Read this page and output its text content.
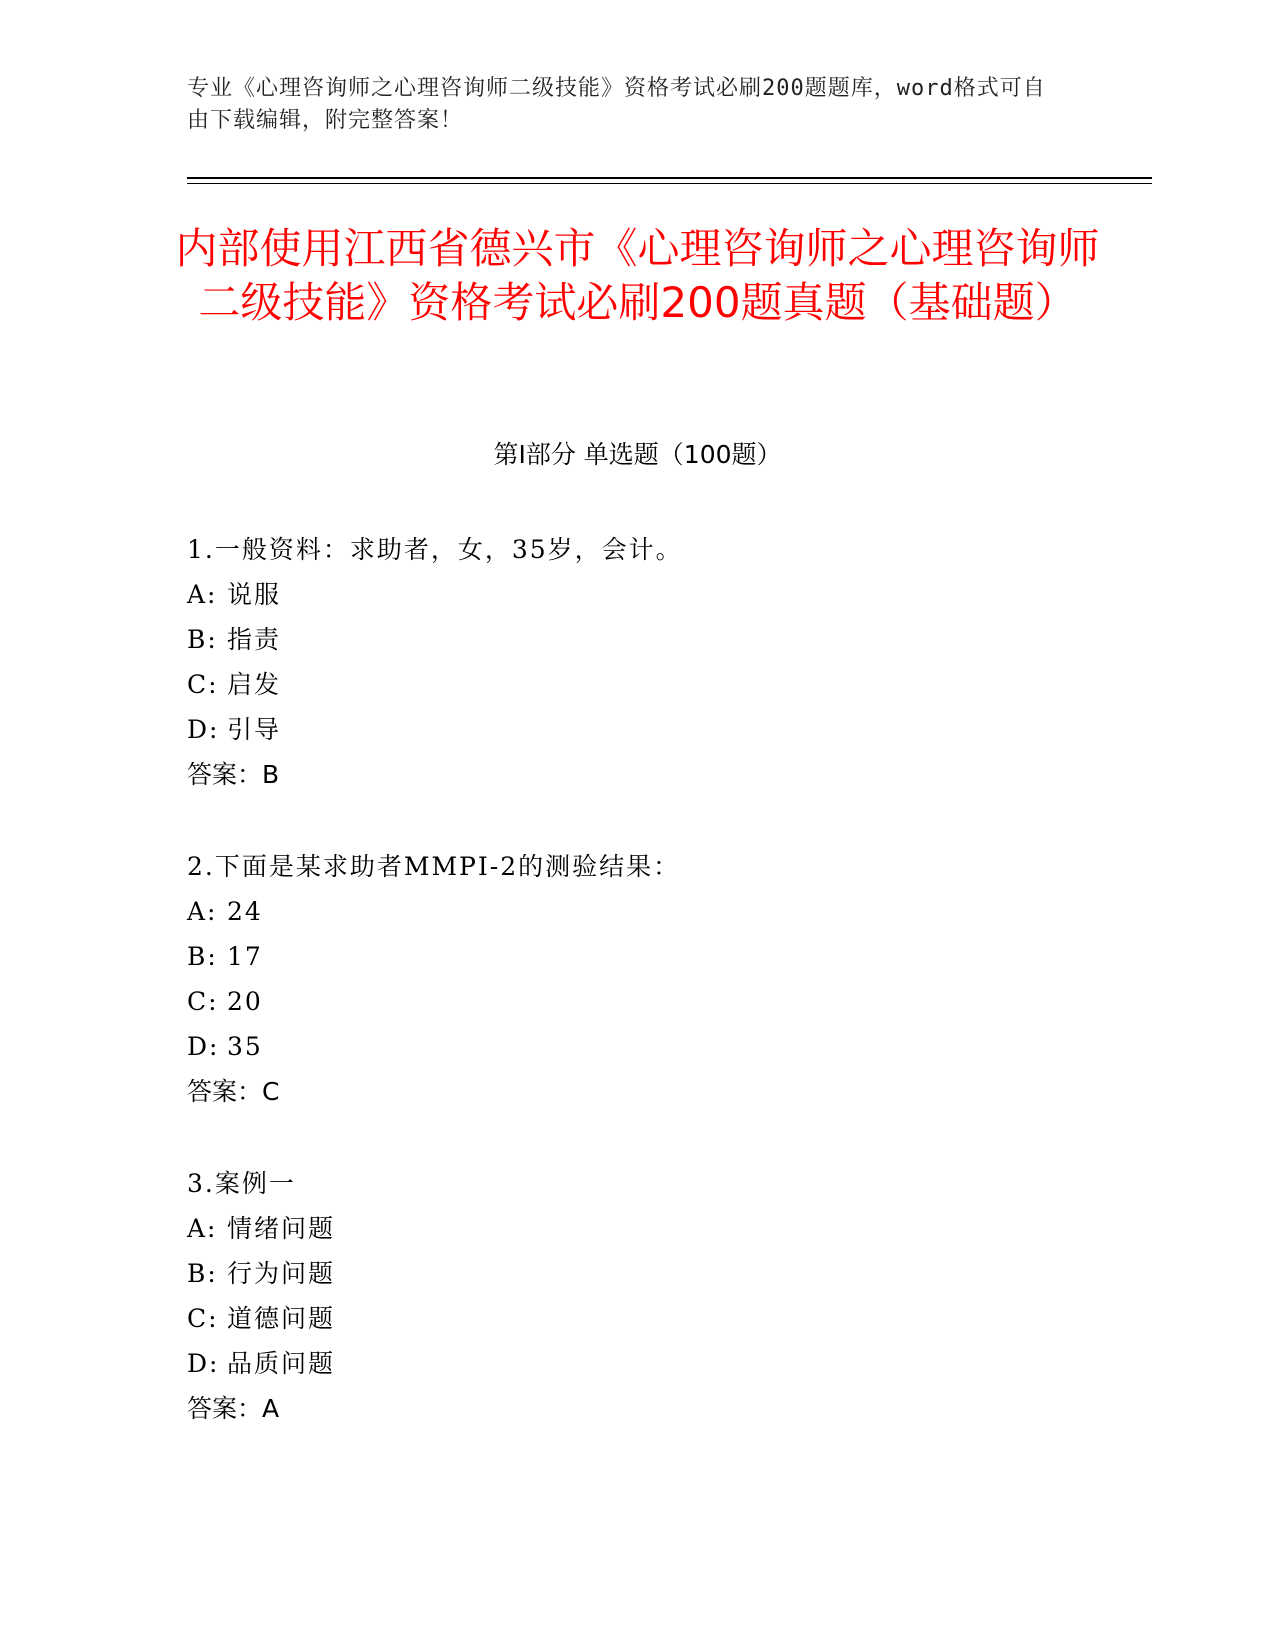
专业《心理咨询师之心理咨询师二级技能》资格考试必刷200题题库，word格式可自由下载编辑，附完整答案！
内部使用江西省德兴市《心理咨询师之心理咨询师二级技能》资格考试必刷200题真题（基础题）
第Ⅰ部分 单选题（100题）
1.一般资料：求助者，女，35岁，会计。
A: 说服
B: 指责
C: 启发
D: 引导
答案：B
2.下面是某求助者MMPI-2的测验结果：
A: 24
B: 17
C: 20
D: 35
答案：C
3.案例一
A: 情绪问题
B: 行为问题
C: 道德问题
D: 品质问题
答案：A
